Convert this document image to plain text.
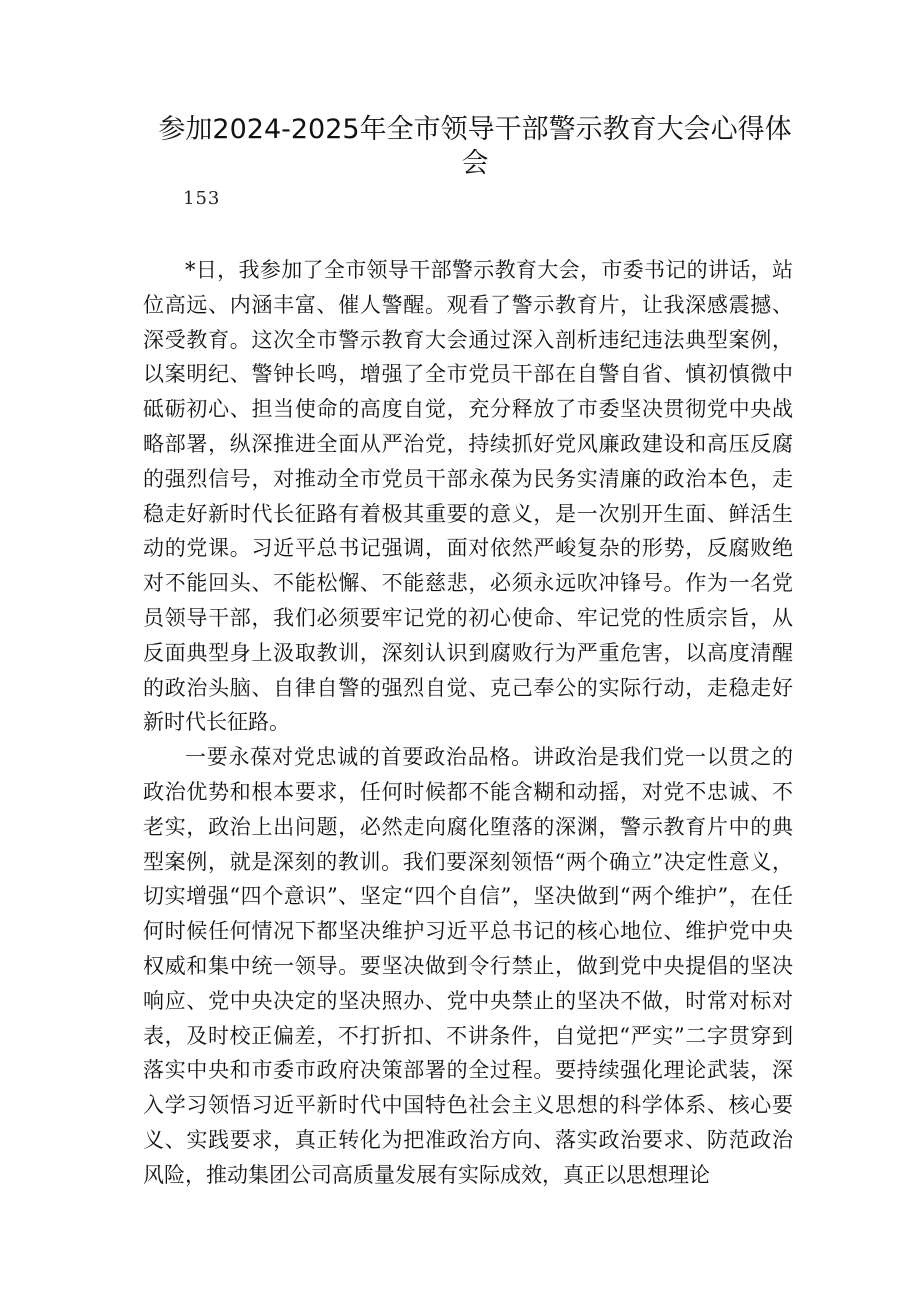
参加2024-2025年全市领导干部警示教育大会心得体会
153

*日，我参加了全市领导干部警示教育大会，市委书记的讲话，站位高远、内涵丰富、催人警醒。观看了警示教育片，让我深感震撼、深受教育。这次全市警示教育大会通过深入剖析违纪违法典型案例，以案明纪、警钟长鸣，增强了全市党员干部在自警自省、慎初慎微中砥砺初心、担当使命的高度自觉，充分释放了市委坚决贯彻党中央战略部署，纵深推进全面从严治党，持续抓好党风廉政建设和高压反腐的强烈信号，对推动全市党员干部永葆为民务实清廉的政治本色，走稳走好新时代长征路有着极其重要的意义，是一次别开生面、鲜活生动的党课。习近平总书记强调，面对依然严峻复杂的形势，反腐败绝对不能回头、不能松懈、不能慈悲，必须永远吹冲锋号。作为一名党员领导干部，我们必须要牢记党的初心使命、牢记党的性质宗旨，从反面典型身上汲取教训，深刻认识到腐败行为严重危害，以高度清醒的政治头脑、自律自警的强烈自觉、克己奉公的实际行动，走稳走好新时代长征路。

一要永葆对党忠诚的首要政治品格。讲政治是我们党一以贯之的政治优势和根本要求，任何时候都不能含糊和动摇，对党不忠诚、不老实，政治上出问题，必然走向腐化堕落的深渊，警示教育片中的典型案例，就是深刻的教训。我们要深刻领悟“两个确立”决定性意义，切实增强“四个意识”、坚定“四个自信”，坚决做到“两个维护”，在任何时候任何情况下都坚决维护习近平总书记的核心地位、维护党中央权威和集中统一领导。要坚决做到令行禁止，做到党中央提倡的坚决响应、党中央决定的坚决照办、党中央禁止的坚决不做，时常对标对表，及时校正偏差，不打折扣、不讲条件，自觉把“严实”二字贯穿到落实中央和市委市政府决策部署的全过程。要持续强化理论武装，深入学习领悟习近平新时代中国特色社会主义思想的科学体系、核心要义、实践要求，真正转化为把准政治方向、落实政治要求、防范政治风险，推动集团公司高质量发展有实际成效，真正以思想理论
